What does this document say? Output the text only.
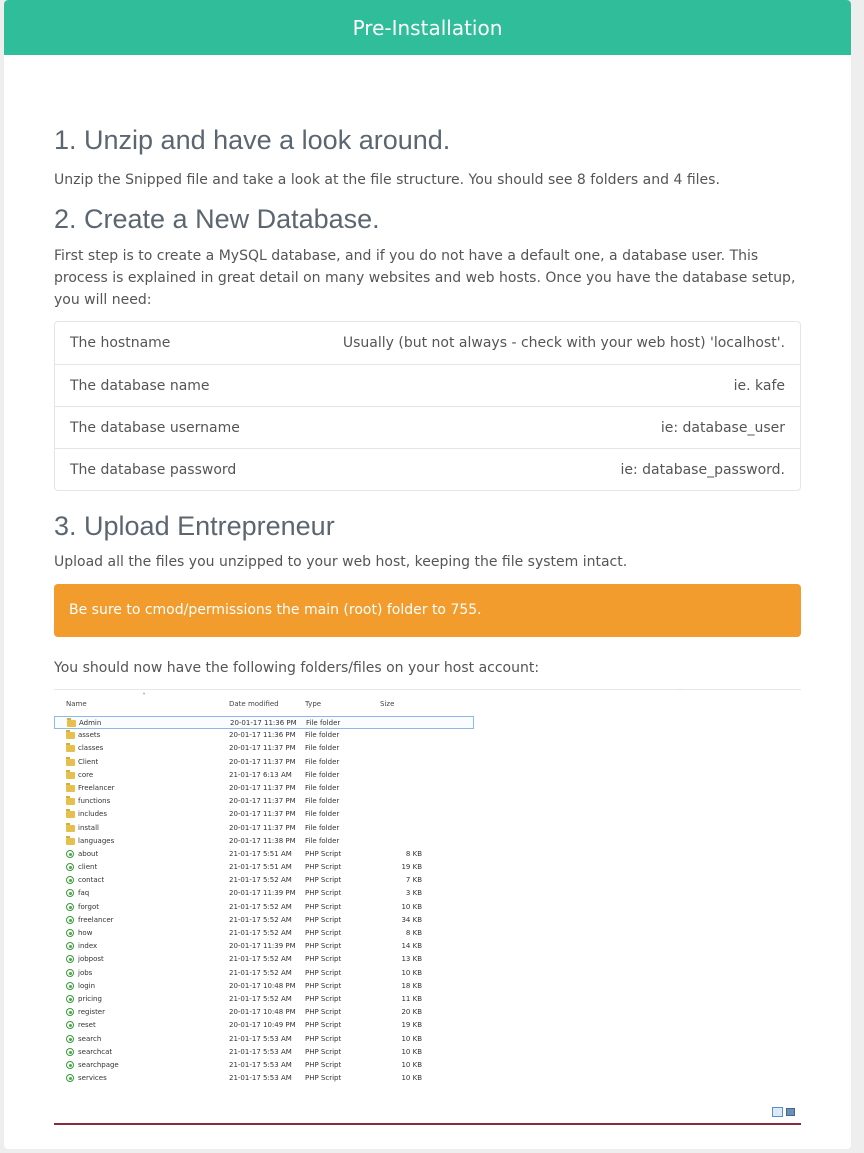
Pre-Installation
1. Unzip and have a look around.

Unzip the Snipped file and take a look at the file structure. You should see 8 folders and 4 files.

2. Create a New Database.

First step is to create a MySQL database, and if you do not have a default one, a database user. This process is explained in great detail on many websites and web hosts. Once you have the database setup, you will need:

The hostname	Usually (but not always - check with your web host) 'localhost'.
The database name	ie. kafe
The database username	ie: database_user
The database password	ie: database_password.
3. Upload Entrepreneur

Upload all the files you unzipped to your web host, keeping the file system intact.

Be sure to cmod/permissions the main (root) folder to 755.

You should now have the following folders/files on your host account:

˄
Name	Date modified	Type	Size
Admin	20-01-17 11:36 PM File folder
assets	20-01-17 11:36 PM File folder
classes	20-01-17 11:37 PM File folder
Client	20-01-17 11:37 PM File folder
core	21-01-17 6:13 AM File folder
Freelancer	20-01-17 11:37 PM File folder
functions	20-01-17 11:37 PM File folder
includes	20-01-17 11:37 PM File folder
install	20-01-17 11:37 PM File folder
languages	20-01-17 11:38 PM File folder
about	21-01-17 5:51 AM PHP Script	8 KB
client	21-01-17 5:51 AM PHP Script	19 KB
contact	21-01-17 5:52 AM PHP Script	7 KB
faq	20-01-17 11:39 PM PHP Script	3 KB
forgot	21-01-17 5:52 AM PHP Script	10 KB
freelancer	21-01-17 5:52 AM PHP Script	34 KB
how	21-01-17 5:52 AM PHP Script	8 KB
index	20-01-17 11:39 PM PHP Script	14 KB
jobpost	21-01-17 5:52 AM PHP Script	13 KB
jobs	21-01-17 5:52 AM PHP Script	10 KB
login	20-01-17 10:48 PM PHP Script	18 KB
pricing	21-01-17 5:52 AM PHP Script	11 KB
register	20-01-17 10:48 PM PHP Script	20 KB
reset	20-01-17 10:49 PM PHP Script	19 KB
search	21-01-17 5:53 AM PHP Script	10 KB
searchcat	21-01-17 5:53 AM PHP Script	10 KB
searchpage	21-01-17 5:53 AM PHP Script	10 KB
services	21-01-17 5:53 AM PHP Script	10 KB
